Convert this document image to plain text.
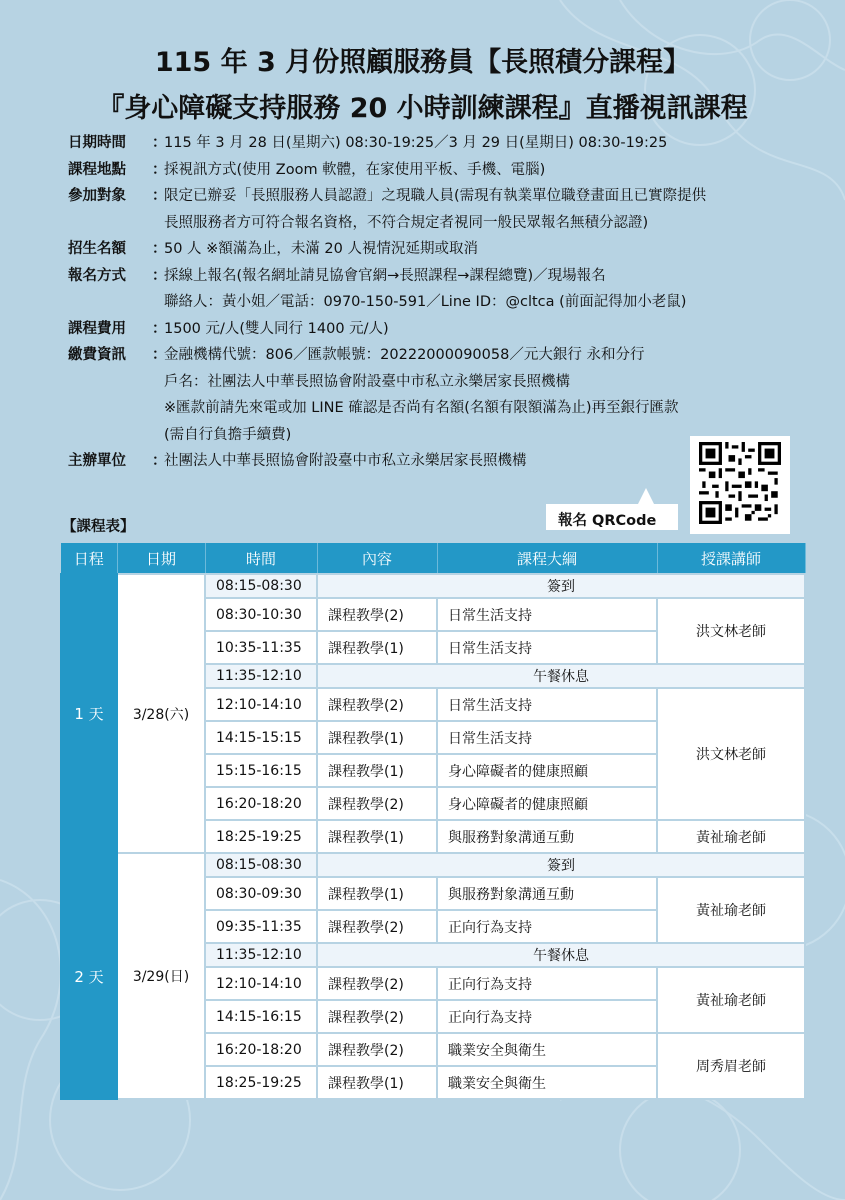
115 年 3 月份照顧服務員【長照積分課程】
『身心障礙支持服務 20 小時訓練課程』直播視訊課程
日期時間	：
115 年 3 月 28 日(星期六) 08:30-19:25／3 月 29 日(星期日) 08:30-19:25
課程地點	：
採視訊方式(使用 Zoom 軟體，在家使用平板、手機、電腦)
參加對象	：
限定已辦妥「長照服務人員認證」之現職人員(需現有執業單位職登畫面且已實際提供
長照服務者方可符合報名資格，不符合規定者視同一般民眾報名無積分認證)
招生名額	：
50 人 ※額滿為止，未滿 20 人視情況延期或取消
報名方式	：
採線上報名(報名網址請見協會官網→長照課程→課程總覽)／現場報名
聯絡人：黃小姐／電話：0970-150-591／Line ID：@cltca (前面記得加小老鼠)
課程費用	：
1500 元/人(雙人同行 1400 元/人)
繳費資訊	：
金融機構代號：806／匯款帳號：20222000090058／元大銀行 永和分行
戶名：社團法人中華長照協會附設臺中市私立永樂居家長照機構
※匯款前請先來電或加 LINE 確認是否尚有名額(名額有限額滿為止)再至銀行匯款
(需自行負擔手續費)
主辦單位	：
社團法人中華長照協會附設臺中市私立永樂居家長照機構
報名 QRCode
【課程表】
日程	日期	時間	內容	課程大綱	授課講師
1 天	3/28(六)	08:15-08:30	簽到		
		08:30-10:30	課程教學(2)	日常生活支持	洪文林老師
		10:35-11:35	課程教學(1)	日常生活支持	
		11:35-12:10	午餐休息		
		12:10-14:10	課程教學(2)	日常生活支持	洪文林老師
		14:15-15:15	課程教學(1)	日常生活支持	
		15:15-16:15	課程教學(1)	身心障礙者的健康照顧	
		16:20-18:20	課程教學(2)	身心障礙者的健康照顧	
		18:25-19:25	課程教學(1)	與服務對象溝通互動	黃祉瑜老師
2 天	3/29(日)	08:15-08:30	簽到		
		08:30-09:30	課程教學(1)	與服務對象溝通互動	黃祉瑜老師
		09:35-11:35	課程教學(2)	正向行為支持	
		11:35-12:10	午餐休息		
		12:10-14:10	課程教學(2)	正向行為支持	黃祉瑜老師
		14:15-16:15	課程教學(2)	正向行為支持	
		16:20-18:20	課程教學(2)	職業安全與衛生	周秀眉老師
		18:25-19:25	課程教學(1)	職業安全與衛生	
